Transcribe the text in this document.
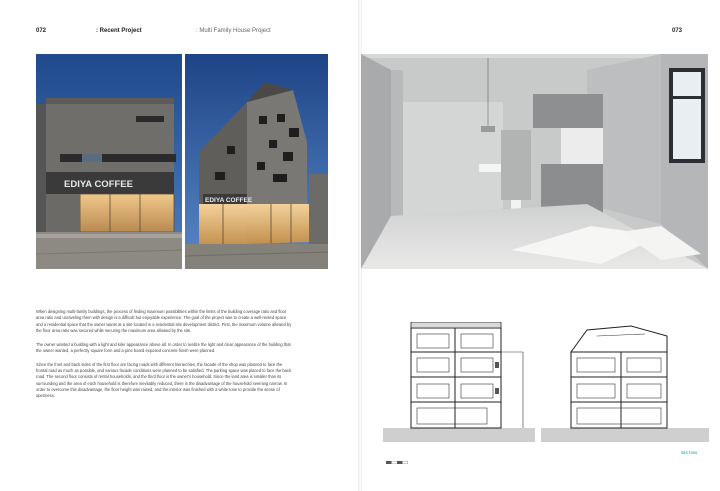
072	: Recent Project	: Multi Family House Project	073
EDIYA COFFEE
EDIYA COFFEE

When designing multi-family buildings, the process of finding maximum possibilities within the limits of the building coverage ratio and floor area ratio and unraveling them with design is a difficult but enjoyable experience. The goal of the project was to create a well-rented space and a residential space that the owner wants at a site located in a residential site development district. First, the maximum volume allowed by the floor area ratio was secured while securing the maximum area allowed by the site.

The owner wanted a building with a light and kiler appearance above all. In order to realize the light and clear appearance of the building that the owner wanted, a perfectly square form and a pine board exposed concrete finish were planned.

Since the front and back sides of the first floor are facing roads with different hierarchies, the facade of the shop was planned to face the frontal road as much as possible, and various facade conditions were planned to be satisfied. The parking space was placed to face the back road. The second floor consists of rental households, and the third floor is the owner's household. Since the land area is smaller than its surrounding and the area of each household is therefore inevitably reduced, there is the disadvantage of the household seeming narrow. In order to overcome this disadvantage, the floor height was raised, and the interior was finished with a white tone to provide the sense of openness.

SECTION
